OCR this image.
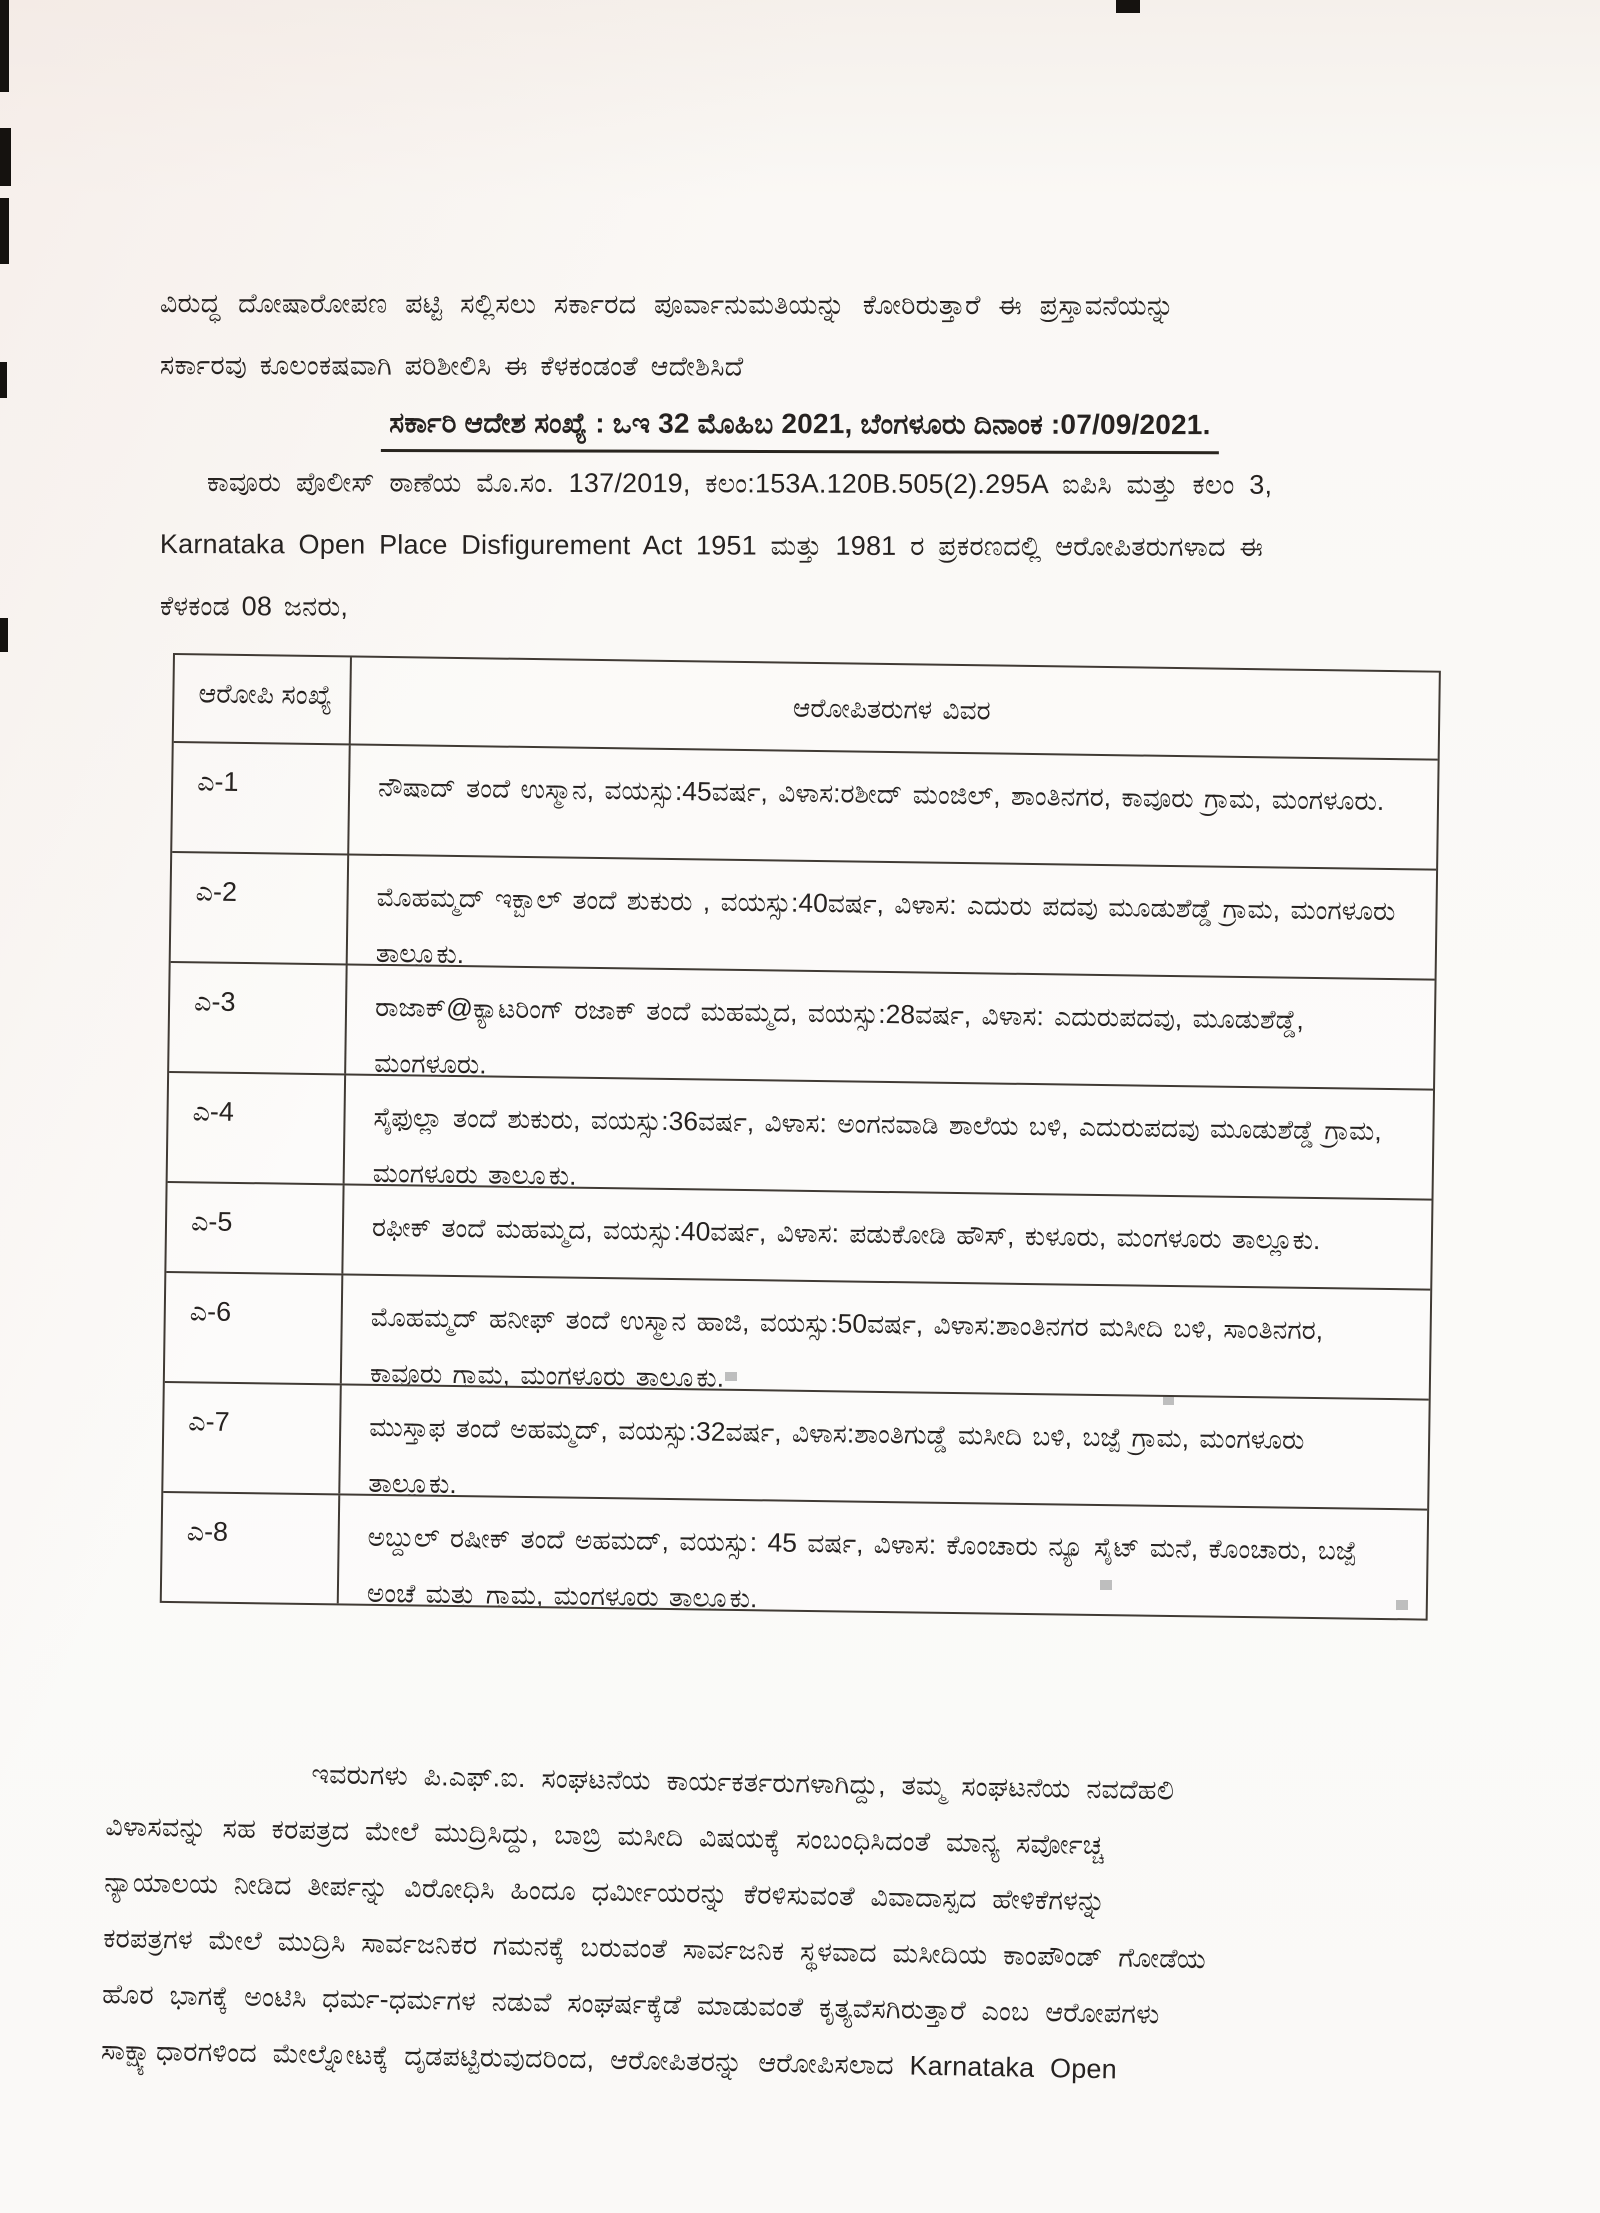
ವಿರುದ್ಧ ದೋಷಾರೋಪಣ ಪಟ್ಟಿ ಸಲ್ಲಿಸಲು ಸರ್ಕಾರದ ಪೂರ್ವಾನುಮತಿಯನ್ನು ಕೋರಿರುತ್ತಾರೆ ಈ ಪ್ರಸ್ತಾವನೆಯನ್ನು
ಸರ್ಕಾರವು ಕೂಲಂಕಷವಾಗಿ ಪರಿಶೀಲಿಸಿ ಈ ಕೆಳಕಂಡಂತೆ ಆದೇಶಿಸಿದೆ
ಸರ್ಕಾರಿ ಆದೇಶ ಸಂಖ್ಯೆ : ಒಇ 32 ಮೊಹಿಬ 2021, ಬೆಂಗಳೂರು ದಿನಾಂಕ :07/09/2021.
ಕಾವೂರು ಪೊಲೀಸ್ ಠಾಣೆಯ ಮೊ.ಸಂ. 137/2019, ಕಲಂ:153A.120B.505(2).295A ಐಪಿಸಿ ಮತ್ತು ಕಲಂ 3,
Karnataka Open Place Disfigurement Act 1951 ಮತ್ತು 1981 ರ ಪ್ರಕರಣದಲ್ಲಿ ಆರೋಪಿತರುಗಳಾದ ಈ
ಕೆಳಕಂಡ 08 ಜನರು,
ಆರೋಪಿ ಸಂಖ್ಯೆ	ಆರೋಪಿತರುಗಳ ವಿವರ
ಎ-1	ನೌಷಾದ್ ತಂದೆ ಉಸ್ಮಾನ, ವಯಸ್ಸು:45ವರ್ಷ, ವಿಳಾಸ:ರಶೀದ್ ಮಂಜಿಲ್, ಶಾಂತಿನಗರ, ಕಾವೂರು ಗ್ರಾಮ, ಮಂಗಳೂರು.
ಎ-2	ಮೊಹಮ್ಮದ್ ಇಕ್ಬಾಲ್ ತಂದೆ ಶುಕುರು , ವಯಸ್ಸು:40ವರ್ಷ, ವಿಳಾಸ: ಎದುರು ಪದವು ಮೂಡುಶೆಡ್ಡೆ ಗ್ರಾಮ, ಮಂಗಳೂರು ತಾಲ್ಲೂಕು.
ಎ-3	ರಾಜಾಕ್@ಕ್ಯಾಟರಿಂಗ್ ರಜಾಕ್ ತಂದೆ ಮಹಮ್ಮದ, ವಯಸ್ಸು:28ವರ್ಷ, ವಿಳಾಸ: ಎದುರುಪದವು, ಮೂಡುಶೆಡ್ಡೆ, ಮಂಗಳೂರು.
ಎ-4	ಸೈಫುಲ್ಲಾ ತಂದೆ ಶುಕುರು, ವಯಸ್ಸು:36ವರ್ಷ, ವಿಳಾಸ: ಅಂಗನವಾಡಿ ಶಾಲೆಯ ಬಳಿ, ಎದುರುಪದವು ಮೂಡುಶೆಡ್ಡೆ ಗ್ರಾಮ, ಮಂಗಳೂರು ತಾಲ್ಲೂಕು.
ಎ-5	ರಫೀಕ್ ತಂದೆ ಮಹಮ್ಮದ, ವಯಸ್ಸು:40ವರ್ಷ, ವಿಳಾಸ: ಪಡುಕೋಡಿ ಹೌಸ್, ಕುಳೂರು, ಮಂಗಳೂರು ತಾಲ್ಲೂಕು.
ಎ-6	ಮೊಹಮ್ಮದ್ ಹನೀಫ್ ತಂದೆ ಉಸ್ಮಾನ ಹಾಜಿ, ವಯಸ್ಸು:50ವರ್ಷ, ವಿಳಾಸ:ಶಾಂತಿನಗರ ಮಸೀದಿ ಬಳಿ, ಸಾಂತಿನಗರ, ಕಾವೂರು ಗ್ರಾಮ, ಮಂಗಳೂರು ತಾಲ್ಲೂಕು.
ಎ-7	ಮುಸ್ತಾಫ ತಂದೆ ಅಹಮ್ಮದ್, ವಯಸ್ಸು:32ವರ್ಷ, ವಿಳಾಸ:ಶಾಂತಿಗುಡ್ಡೆ ಮಸೀದಿ ಬಳಿ, ಬಜ್ಪೆ ಗ್ರಾಮ, ಮಂಗಳೂರು ತಾಲ್ಲೂಕು.
ಎ-8	ಅಬ್ದುಲ್ ರಷೀಕ್ ತಂದೆ ಅಹಮದ್, ವಯಸ್ಸು: 45 ವರ್ಷ, ವಿಳಾಸ: ಕೊಂಚಾರು ನ್ಯೂ ಸೈಟ್ ಮನೆ, ಕೊಂಚಾರು, ಬಜ್ಪೆ ಅಂಚೆ ಮತ್ತು ಗ್ರಾಮ, ಮಂಗಳೂರು ತಾಲ್ಲೂಕು.
ಇವರುಗಳು ಪಿ.ಎಫ್.ಐ. ಸಂಘಟನೆಯ ಕಾರ್ಯಕರ್ತರುಗಳಾಗಿದ್ದು, ತಮ್ಮ ಸಂಘಟನೆಯ ನವದೆಹಲಿ
ವಿಳಾಸವನ್ನು ಸಹ ಕರಪತ್ರದ ಮೇಲೆ ಮುದ್ರಿಸಿದ್ದು, ಬಾಬ್ರಿ ಮಸೀದಿ ವಿಷಯಕ್ಕೆ ಸಂಬಂಧಿಸಿದಂತೆ ಮಾನ್ಯ ಸರ್ವೋಚ್ಚ
ನ್ಯಾಯಾಲಯ ನೀಡಿದ ತೀರ್ಪನ್ನು ವಿರೋಧಿಸಿ ಹಿಂದೂ ಧರ್ಮೀಯರನ್ನು ಕೆರಳಿಸುವಂತೆ ವಿವಾದಾಸ್ಪದ ಹೇಳಿಕೆಗಳನ್ನು
ಕರಪತ್ರಗಳ ಮೇಲೆ ಮುದ್ರಿಸಿ ಸಾರ್ವಜನಿಕರ ಗಮನಕ್ಕೆ ಬರುವಂತೆ ಸಾರ್ವಜನಿಕ ಸ್ಥಳವಾದ ಮಸೀದಿಯ ಕಾಂಪೌಂಡ್ ಗೋಡೆಯ
ಹೊರ ಭಾಗಕ್ಕೆ ಅಂಟಿಸಿ ಧರ್ಮ-ಧರ್ಮಗಳ ನಡುವೆ ಸಂಘರ್ಷಕ್ಕೆಡೆ ಮಾಡುವಂತೆ ಕೃತ್ಯವೆಸಗಿರುತ್ತಾರೆ ಎಂಬ ಆರೋಪಗಳು
ಸಾಕ್ಷ್ಯಾಧಾರಗಳಿಂದ ಮೇಲ್ನೋಟಕ್ಕೆ ದೃಡಪಟ್ಟಿರುವುದರಿಂದ, ಆರೋಪಿತರನ್ನು ಆರೋಪಿಸಲಾದ Karnataka Open
